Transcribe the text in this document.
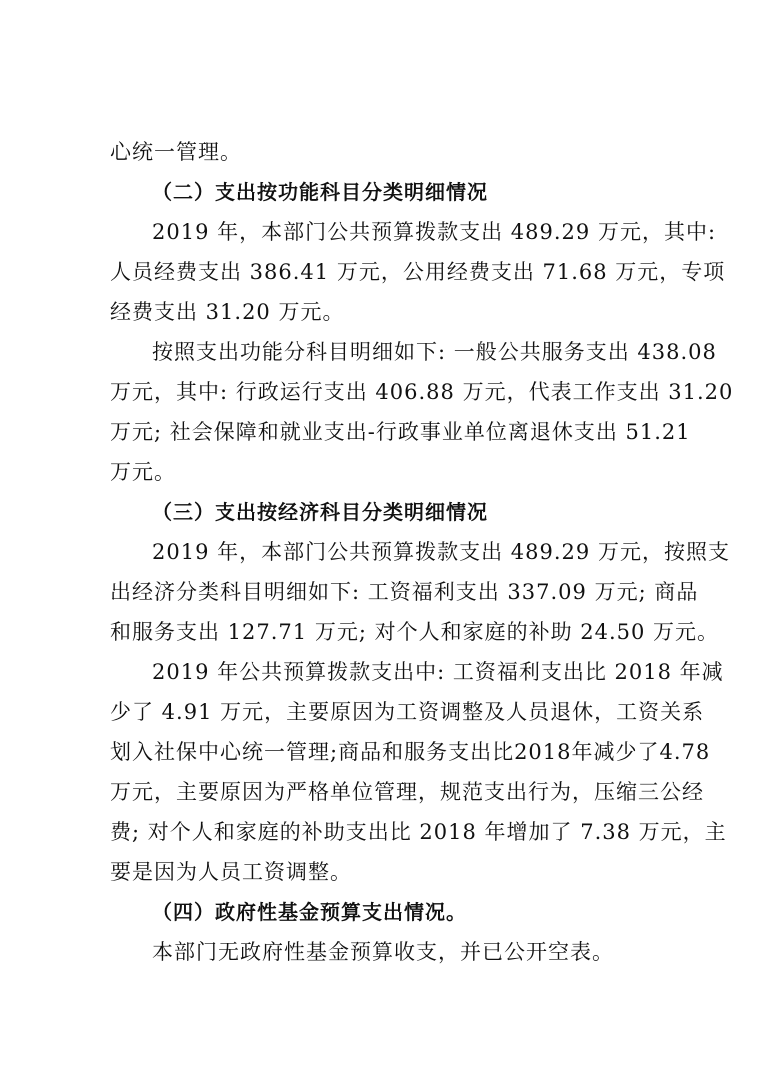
心统一管理。
（二）支出按功能科目分类明细情况
2019 年，本部门公共预算拨款支出 489.29 万元，其中:
人员经费支出 386.41 万元，公用经费支出 71.68 万元，专项
经费支出 31.20 万元。
按照支出功能分科目明细如下: 一般公共服务支出 438.08
万元，其中: 行政运行支出 406.88 万元，代表工作支出 31.20
万元; 社会保障和就业支出-行政事业单位离退休支出 51.21
万元。
（三）支出按经济科目分类明细情况
2019 年，本部门公共预算拨款支出 489.29 万元，按照支
出经济分类科目明细如下: 工资福利支出 337.09 万元; 商品
和服务支出 127.71 万元; 对个人和家庭的补助 24.50 万元。
2019 年公共预算拨款支出中: 工资福利支出比 2018 年减
少了 4.91 万元，主要原因为工资调整及人员退休，工资关系
划入社保中心统一管理;商品和服务支出比2018年减少了4.78
万元，主要原因为严格单位管理，规范支出行为，压缩三公经
费; 对个人和家庭的补助支出比 2018 年增加了 7.38 万元，主
要是因为人员工资调整。
（四）政府性基金预算支出情况。
本部门无政府性基金预算收支，并已公开空表。
